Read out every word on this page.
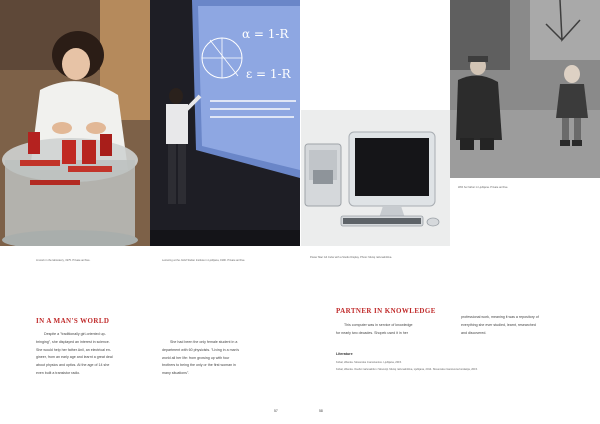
α = 1-R
ε = 1-R
At work in the laboratory, 1975. Private archive.	Lecturing at the Jožef Stefan Institute in Ljubljana, 1990. Private archive.
Power Mac G4 Cube with a Studio Display. Photo: Muzej računalništva.
With her father in Ljubljana. Private archive.
IN A MAN'S WORLD

Despite a "traditionally girl-oriented up-

bringing", she displayed an interest in science.

She would help her father Anil, an electrical en-

gineer, from an early age and learnt a great deal

about physics and optics. At the age of 14 she

even built a transistor radio.

She had been the only female student in a

department with 60 physicists. "Living in a man's

world all her life: from growing up with four

brothers to being the only or the first woman in

many situations".

57
PARTNER IN KNOWLEDGE

This computer was in service of knowledge

for nearly two decades. Shopek used it in her

professional work, meaning it was a repository of

everything she ever studied, learnt, researched

and discovered.

Literature
Kobal, Zdenka. Slovenske znanstvenice. Ljubljana, 2015.
Kobal, Zdenka. Osebni računalniki v Sloveniji. Muzej računalništva, Ljubljana, 2014. Slovenska znanstvena fundacija, 2015.
58
